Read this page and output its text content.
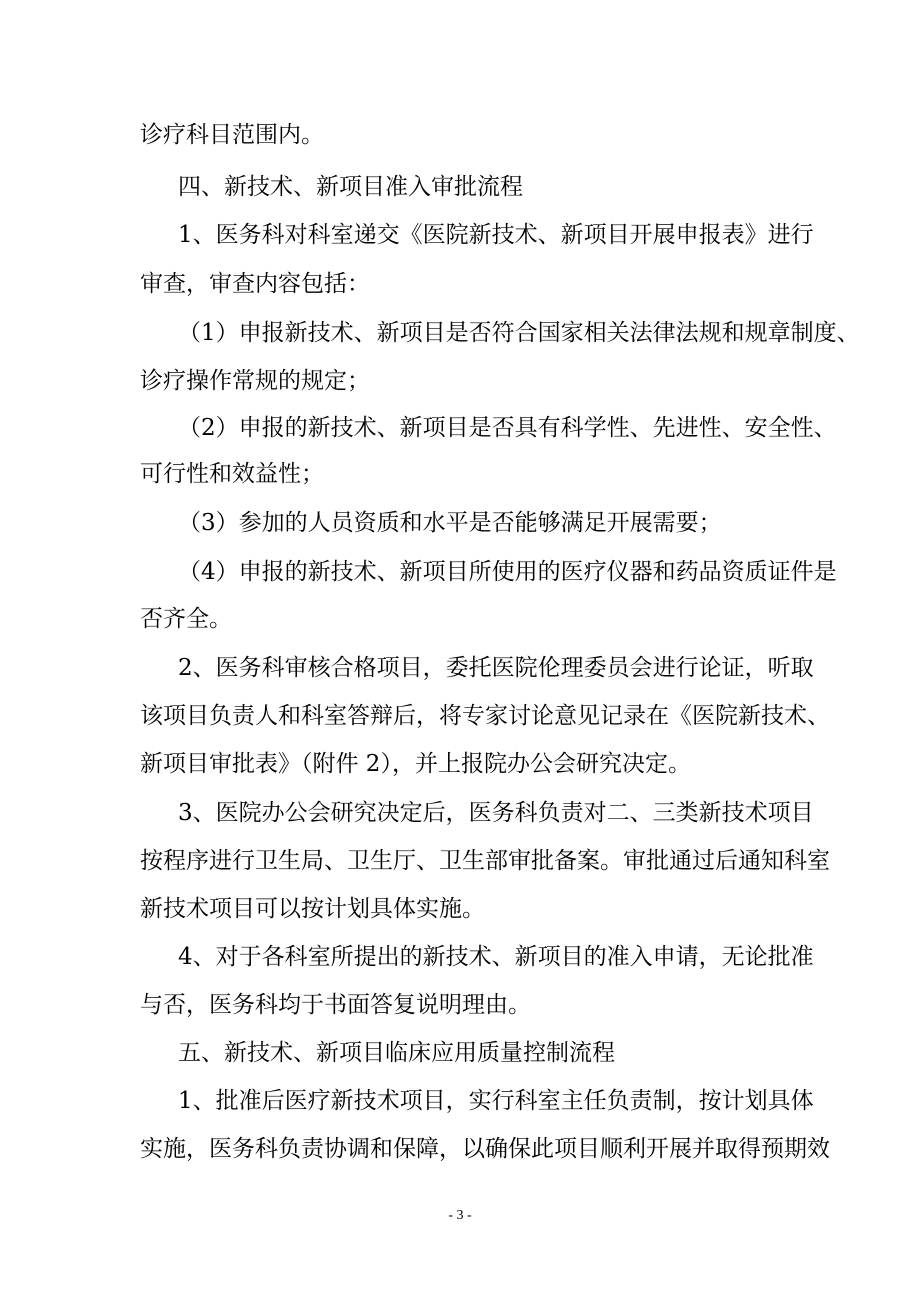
诊疗科目范围内。
四、新技术、新项目准入审批流程
1、医务科对科室递交《医院新技术、新项目开展申报表》进行
审查，审查内容包括：
（1）申报新技术、新项目是否符合国家相关法律法规和规章制度、
诊疗操作常规的规定；
（2）申报的新技术、新项目是否具有科学性、先进性、安全性、
可行性和效益性；
（3）参加的人员资质和水平是否能够满足开展需要；
（4）申报的新技术、新项目所使用的医疗仪器和药品资质证件是
否齐全。
2、医务科审核合格项目，委托医院伦理委员会进行论证，听取
该项目负责人和科室答辩后，将专家讨论意见记录在《医院新技术、
新项目审批表》（附件 2），并上报院办公会研究决定。
3、医院办公会研究决定后，医务科负责对二、三类新技术项目
按程序进行卫生局、卫生厅、卫生部审批备案。审批通过后通知科室
新技术项目可以按计划具体实施。
4、对于各科室所提出的新技术、新项目的准入申请，无论批准
与否，医务科均于书面答复说明理由。
五、新技术、新项目临床应用质量控制流程
1、批准后医疗新技术项目，实行科室主任负责制，按计划具体
实施，医务科负责协调和保障，以确保此项目顺利开展并取得预期效
- 3 -
